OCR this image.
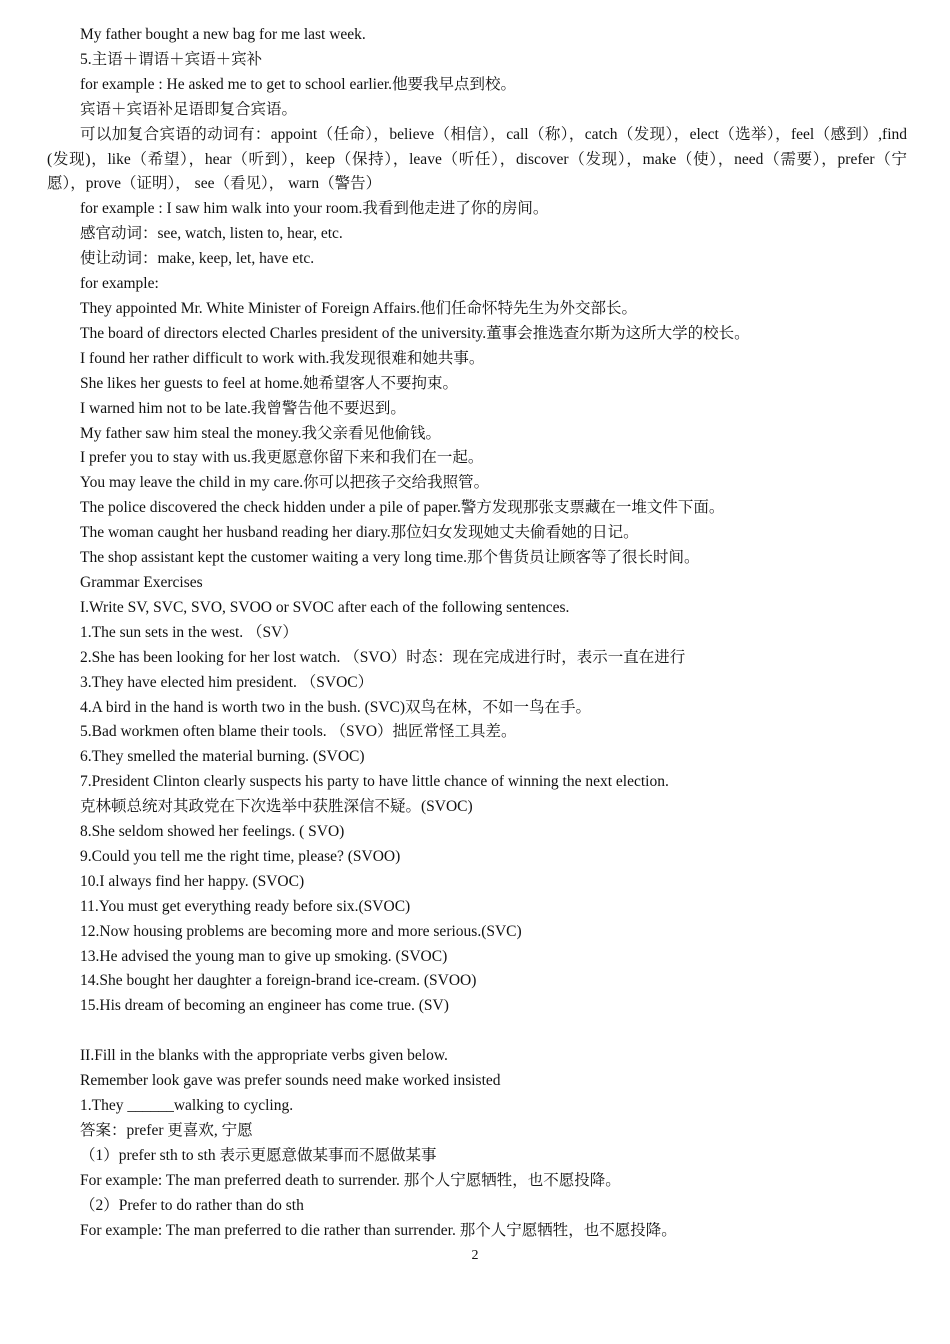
My father bought a new bag for me last week.
5.主语＋谓语＋宾语＋宾补
for example : He asked me to get to school earlier.他要我早点到校。
宾语＋宾语补足语即复合宾语。
可以加复合宾语的动词有：appoint（任命），believe（相信），call（称），catch（发现），elect（选举），feel（感到）,find (发现)，like（希望），hear（听到），keep（保持），leave（听任），discover（发现），make（使），need（需要），prefer（宁愿），prove（证明）， see（看见）， warn（警告）
for example : I saw him walk into your room.我看到他走进了你的房间。
感官动词：see, watch, listen to, hear, etc.
使让动词：make, keep, let, have etc.
for example:
They appointed Mr. White Minister of Foreign Affairs.他们任命怀特先生为外交部长。
The board of directors elected Charles president of the university.董事会推选查尔斯为这所大学的校长。
I found her rather difficult to work with.我发现很难和她共事。
She likes her guests to feel at home.她希望客人不要拘束。
I warned him not to be late.我曾警告他不要迟到。
My father saw him steal the money.我父亲看见他偷钱。
I prefer you to stay with us.我更愿意你留下来和我们在一起。
You may leave the child in my care.你可以把孩子交给我照管。
The police discovered the check hidden under a pile of paper.警方发现那张支票藏在一堆文件下面。
The woman caught her husband reading her diary.那位妇女发现她丈夫偷看她的日记。
The shop assistant kept the customer waiting a very long time.那个售货员让顾客等了很长时间。
Grammar Exercises
I.Write SV, SVC, SVO, SVOO or SVOC after each of the following sentences.
1.The sun sets in the west. （SV）
2.She has been looking for her lost watch. （SVO）时态：现在完成进行时，表示一直在进行
3.They have elected him president. （SVOC）
4.A bird in the hand is worth two in the bush. (SVC)双鸟在林，不如一鸟在手。
5.Bad workmen often blame their tools. （SVO）拙匠常怪工具差。
6.They smelled the material burning. (SVOC)
7.President Clinton clearly suspects his party to have little chance of winning the next election.
克林顿总统对其政党在下次选举中获胜深信不疑。(SVOC)
8.She seldom showed her feelings. ( SVO)
9.Could you tell me the right time, please? (SVOO)
10.I always find her happy. (SVOC)
11.You must get everything ready before six.(SVOC)
12.Now housing problems are becoming more and more serious.(SVC)
13.He advised the young man to give up smoking. (SVOC)
14.She bought her daughter a foreign-brand ice-cream. (SVOO)
15.His dream of becoming an engineer has come true. (SV)
II.Fill in the blanks with the appropriate verbs given below.
Remember look gave was prefer sounds need make worked insisted
1.They ______walking to cycling.
答案：prefer 更喜欢, 宁愿
（1）prefer sth to sth 表示更愿意做某事而不愿做某事
For example: The man preferred death to surrender. 那个人宁愿牺牲，也不愿投降。
（2）Prefer to do rather than do sth
For example: The man preferred to die rather than surrender. 那个人宁愿牺牲，也不愿投降。
2
